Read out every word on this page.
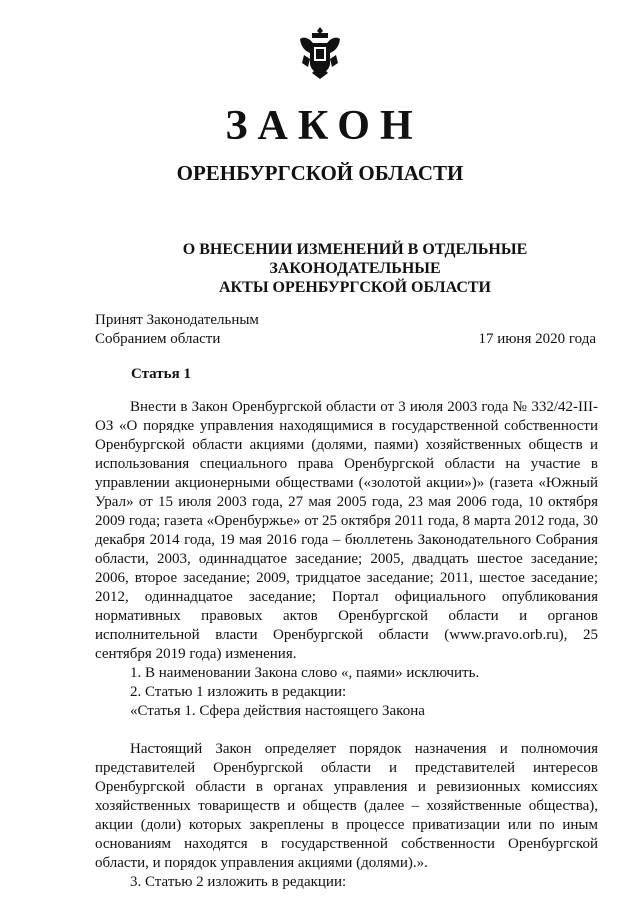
ЗАКОН
ОРЕНБУРГСКОЙ ОБЛАСТИ
О ВНЕСЕНИИ ИЗМЕНЕНИЙ В ОТДЕЛЬНЫЕ ЗАКОНОДАТЕЛЬНЫЕ
АКТЫ ОРЕНБУРГСКОЙ ОБЛАСТИ
Принят Законодательным
Собранием области	17 июня 2020 года
Статья 1

Внести в Закон Оренбургской области от 3 июля 2003 года № 332/42-III-ОЗ «О порядке управления находящимися в государственной собственности Оренбургской области акциями (долями, паями) хозяйственных обществ и использования специального права Оренбургской области на участие в управлении акционерными обществами («золотой акции»)» (газета «Южный Урал» от 15 июля 2003 года, 27 мая 2005 года, 23 мая 2006 года, 10 октября 2009 года; газета «Оренбуржье» от 25 октября 2011 года, 8 марта 2012 года, 30 декабря 2014 года, 19 мая 2016 года – бюллетень Законодательного Собрания области, 2003, одиннадцатое заседание; 2005, двадцать шестое заседание; 2006, второе заседание; 2009, тридцатое заседание; 2011, шестое заседание; 2012, одиннадцатое заседание; Портал официального опубликования нормативных правовых актов Оренбургской области и органов исполнительной власти Оренбургской области (www.pravo.orb.ru), 25 сентября 2019 года) изменения.

1. В наименовании Закона слово «, паями» исключить.

2. Статью 1 изложить в редакции:

«Статья 1. Сфера действия настоящего Закона

Настоящий Закон определяет порядок назначения и полномочия представителей Оренбургской области и представителей интересов Оренбургской области в органах управления и ревизионных комиссиях хозяйственных товариществ и обществ (далее – хозяйственные общества), акции (доли) которых закреплены в процессе приватизации или по иным основаниям находятся в государственной собственности Оренбургской области, и порядок управления акциями (долями).».

3. Статью 2 изложить в редакции:
